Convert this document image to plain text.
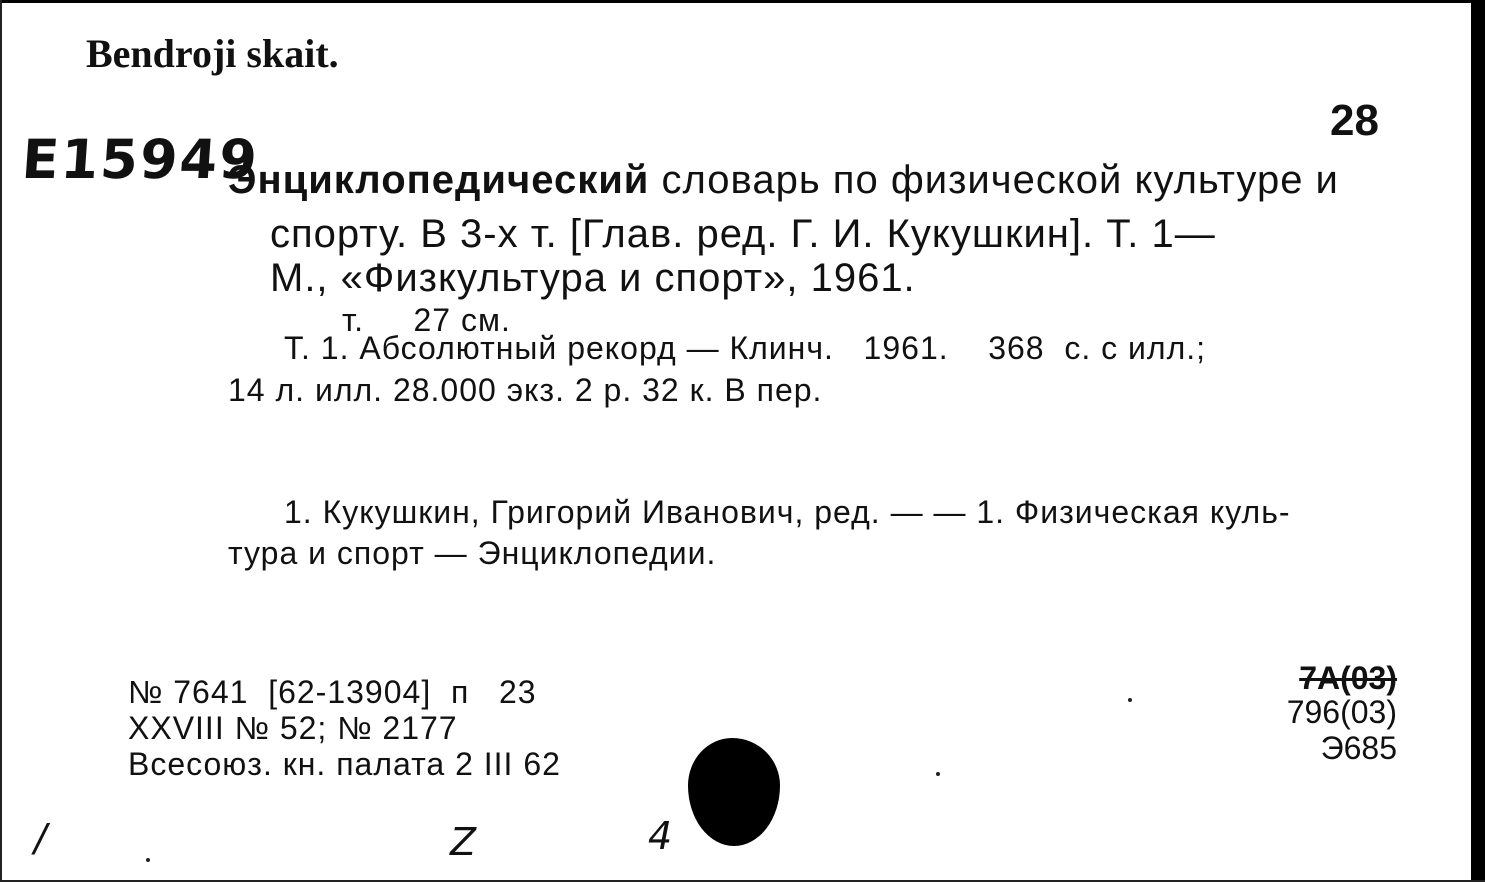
Bendroji skait.
E15949
28
Энциклопедический словарь по физической культуре и
спорту. В 3-х т. [Глав. ред. Г. И. Кукушкин]. Т. 1—
М., «Физкультура и спорт», 1961.
т.     27 см.
Т. 1. Абсолютный рекорд — Клинч.   1961.    368  с. с илл.;
14 л. илл. 28.000 экз. 2 р. 32 к. В пер.
1. Кукушкин, Григорий Иванович, ред. — — 1. Физическая куль-
тура и спорт — Энциклопедии.
№ 7641  [62-13904]  п   23
XXVIII № 52; № 2177
Всесоюз. кн. палата 2 III 62
7А(03)
796(03)
Э685
/	Z	4
